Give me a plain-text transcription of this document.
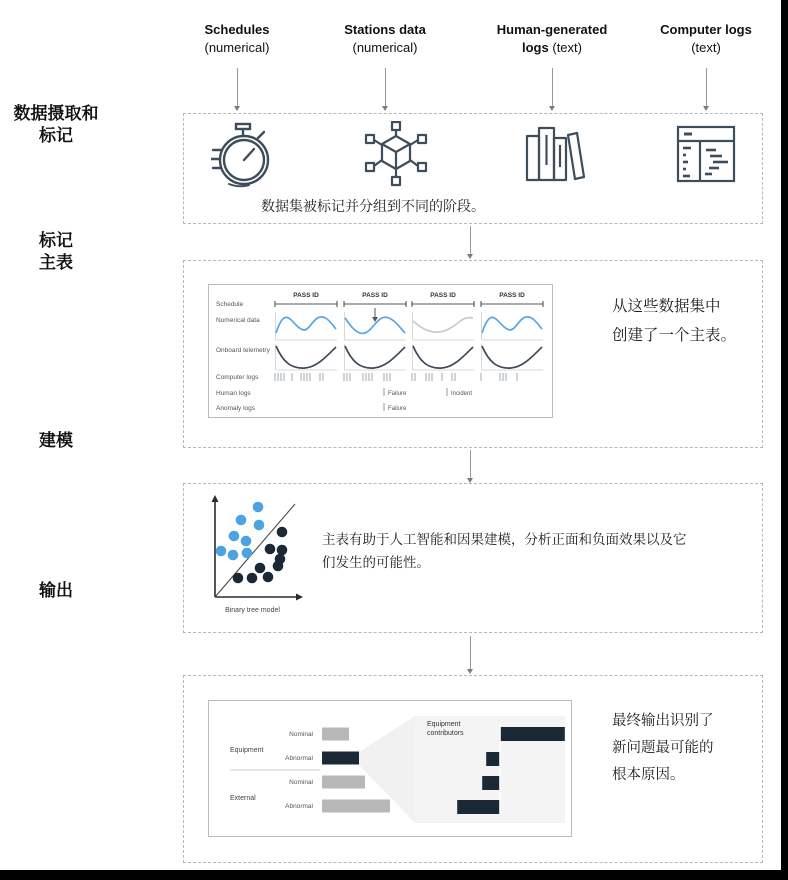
Schedules (numerical)
Stations data (numerical)
Human-generated logs (text)
Computer logs (text)
数据摄取和
标记
标记
主表
建模
输出
数据集被标记并分组到不同的阶段。
Schedule
Numerical data
Onboard telemetry
Computer logs
Human logs
Anomaly logs
PASS ID	PASS ID	PASS ID	PASS ID
Failure	Incident
Failure
从这些数据集中
创建了一个主表。
Binary tree model
主表有助于人工智能和因果建模，分析正面和负面效果以及它
们发生的可能性。
Equipment
External
Nominal
Abnormal
Nominal
Abnormal
Equipment
contributors
最终输出识别了
新问题最可能的
根本原因。
